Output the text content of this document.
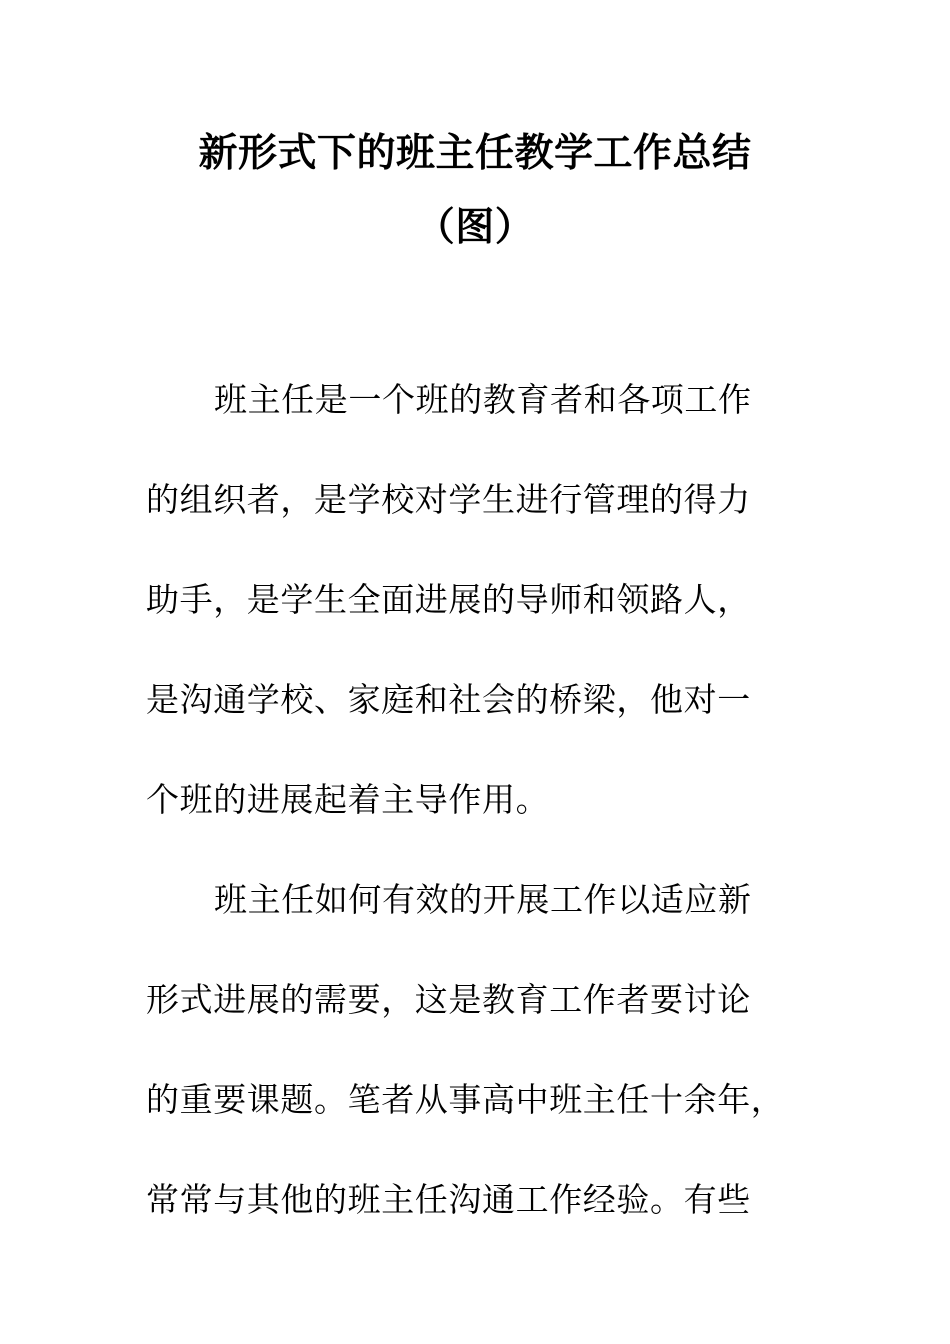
新形式下的班主任教学工作总结
（图）
班主任是一个班的教育者和各项工作
的组织者，是学校对学生进行管理的得力
助手，是学生全面进展的导师和领路人，
是沟通学校、家庭和社会的桥梁，他对一
个班的进展起着主导作用。
班主任如何有效的开展工作以适应新
形式进展的需要，这是教育工作者要讨论
的重要课题。笔者从事高中班主任十余年，
常常与其他的班主任沟通工作经验。有些
